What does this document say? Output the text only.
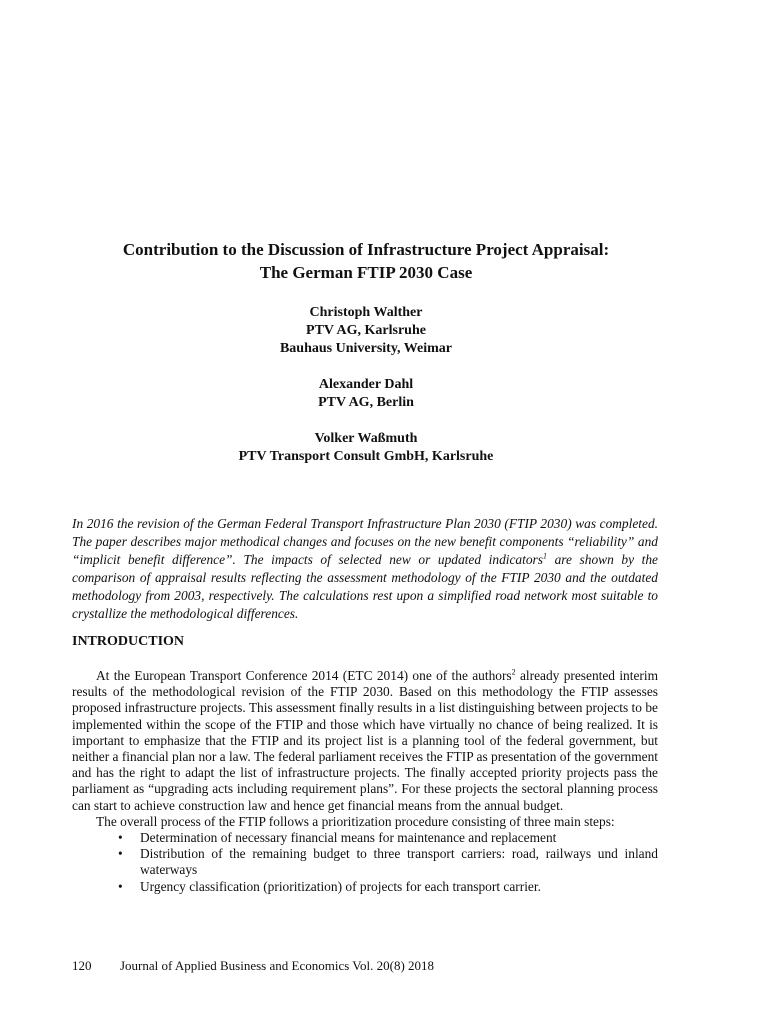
Contribution to the Discussion of Infrastructure Project Appraisal:
The German FTIP 2030 Case
Christoph Walther
PTV AG, Karlsruhe
Bauhaus University, Weimar
Alexander Dahl
PTV AG, Berlin
Volker Waßmuth
PTV Transport Consult GmbH, Karlsruhe

In 2016 the revision of the German Federal Transport Infrastructure Plan 2030 (FTIP 2030) was completed. The paper describes major methodical changes and focuses on the new benefit components “reliability” and “implicit benefit difference”. The impacts of selected new or updated indicators$^1$ are shown by the comparison of appraisal results reflecting the assessment methodology of the FTIP 2030 and the outdated methodology from 2003, respectively. The calculations rest upon a simplified road network most suitable to crystallize the methodological differences.

INTRODUCTION

At the European Transport Conference 2014 (ETC 2014) one of the authors$^2$ already presented interim results of the methodological revision of the FTIP 2030. Based on this methodology the FTIP assesses proposed infrastructure projects. This assessment finally results in a list distinguishing between projects to be implemented within the scope of the FTIP and those which have virtually no chance of being realized. It is important to emphasize that the FTIP and its project list is a planning tool of the federal government, but neither a financial plan nor a law. The federal parliament receives the FTIP as presentation of the government and has the right to adapt the list of infrastructure projects. The finally accepted priority projects pass the parliament as “upgrading acts including requirement plans”. For these projects the sectoral planning process can start to achieve construction law and hence get financial means from the annual budget.

The overall process of the FTIP follows a prioritization procedure consisting of three main steps:

• Determination of necessary financial means for maintenance and replacement
• Distribution of the remaining budget to three transport carriers: road, railways und inland waterways
• Urgency classification (prioritization) of projects for each transport carrier.
120 Journal of Applied Business and Economics Vol. 20(8) 2018
